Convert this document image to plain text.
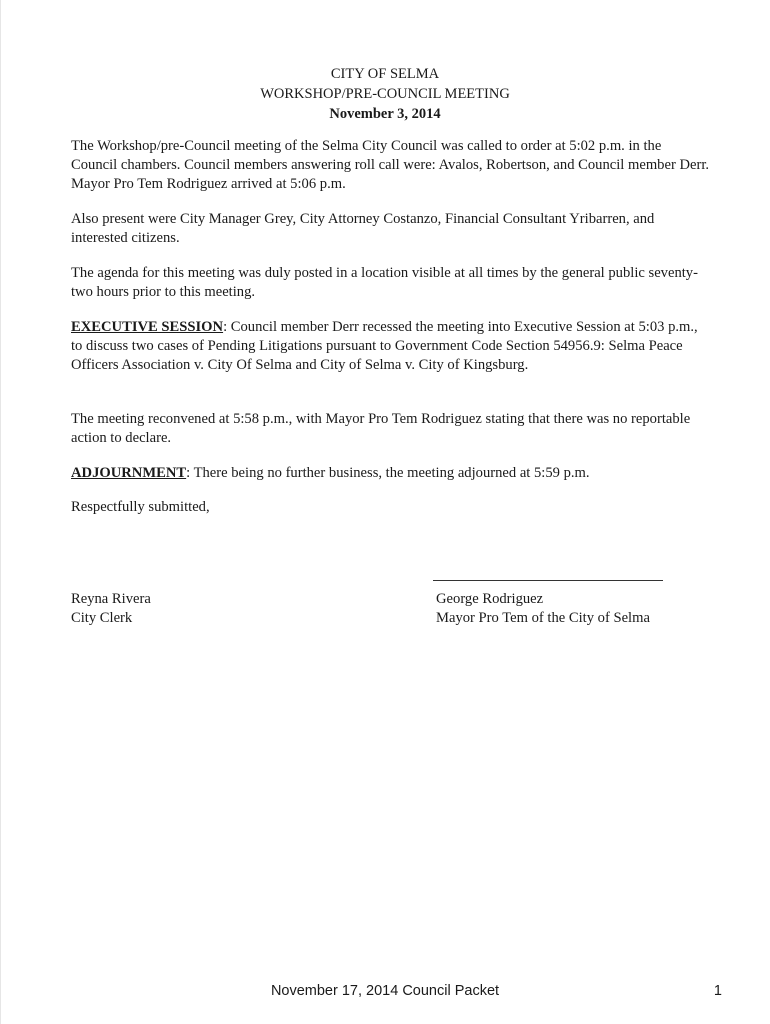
CITY OF SELMA
WORKSHOP/PRE-COUNCIL MEETING
November 3, 2014

The Workshop/pre-Council meeting of the Selma City Council was called to order at 5:02 p.m. in the Council chambers. Council members answering roll call were: Avalos, Robertson, and Council member Derr. Mayor Pro Tem Rodriguez arrived at 5:06 p.m.

Also present were City Manager Grey, City Attorney Costanzo, Financial Consultant Yribarren, and interested citizens.

The agenda for this meeting was duly posted in a location visible at all times by the general public seventy-two hours prior to this meeting.

EXECUTIVE SESSION: Council member Derr recessed the meeting into Executive Session at 5:03 p.m., to discuss two cases of Pending Litigations pursuant to Government Code Section 54956.9: Selma Peace Officers Association v. City Of Selma and City of Selma v. City of Kingsburg.

The meeting reconvened at 5:58 p.m., with Mayor Pro Tem Rodriguez stating that there was no reportable action to declare.

ADJOURNMENT: There being no further business, the meeting adjourned at 5:59 p.m.

Respectfully submitted,

Reyna Rivera
City Clerk
George Rodriguez
Mayor Pro Tem of the City of Selma
November 17, 2014 Council Packet	1
